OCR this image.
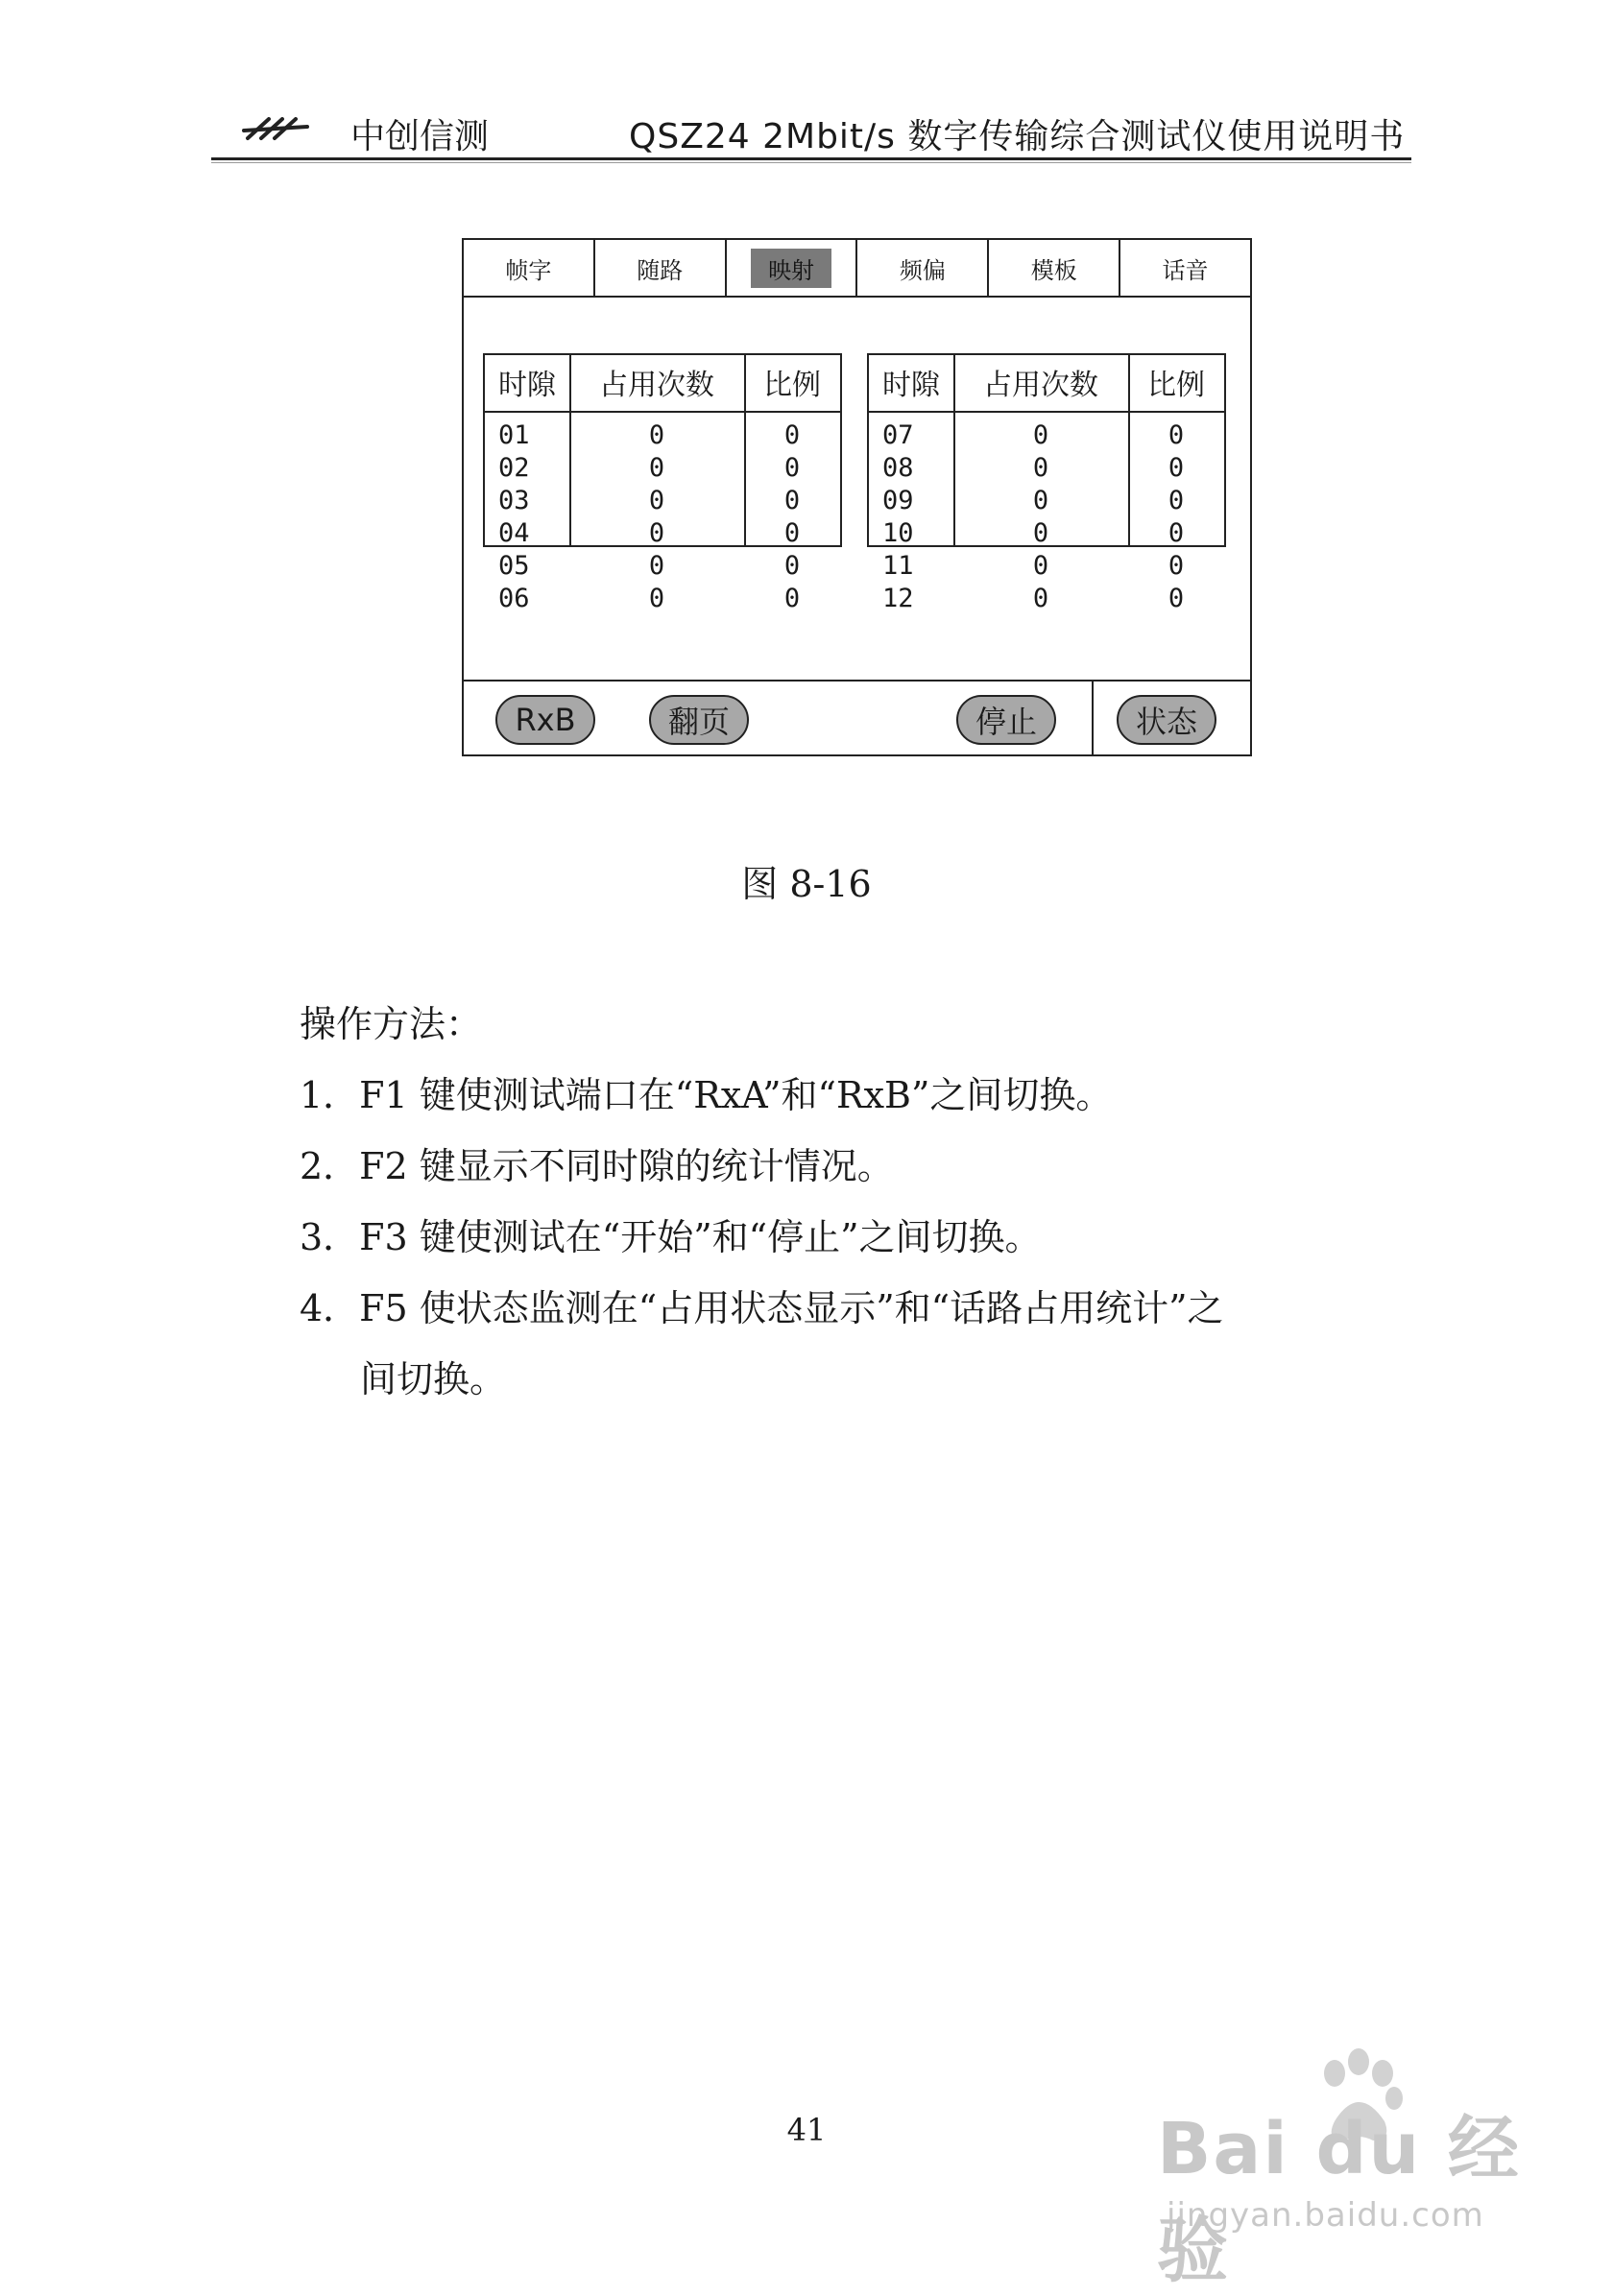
中创信测	QSZ24 2Mbit/s 数字传输综合测试仪使用说明书
帧字	随路	映射	频偏	模板	话音
时隙	占用次数	比例
01	0	0
02	0	0
03	0	0
04	0	0
05	0	0
06	0	0
时隙	占用次数	比例
07	0	0
08	0	0
09	0	0
10	0	0
11	0	0
12	0	0
RxB	翻页	停止	状态
图 8-16
操作方法：
1．F1 键使测试端口在“RxA”和“RxB”之间切换。
2．F2 键显示不同时隙的统计情况。
3．F3 键使测试在“开始”和“停止”之间切换。
4．F5 使状态监测在“占用状态显示”和“话路占用统计”之
间切换。
41	Bai du 经验
jingyan.baidu.com
